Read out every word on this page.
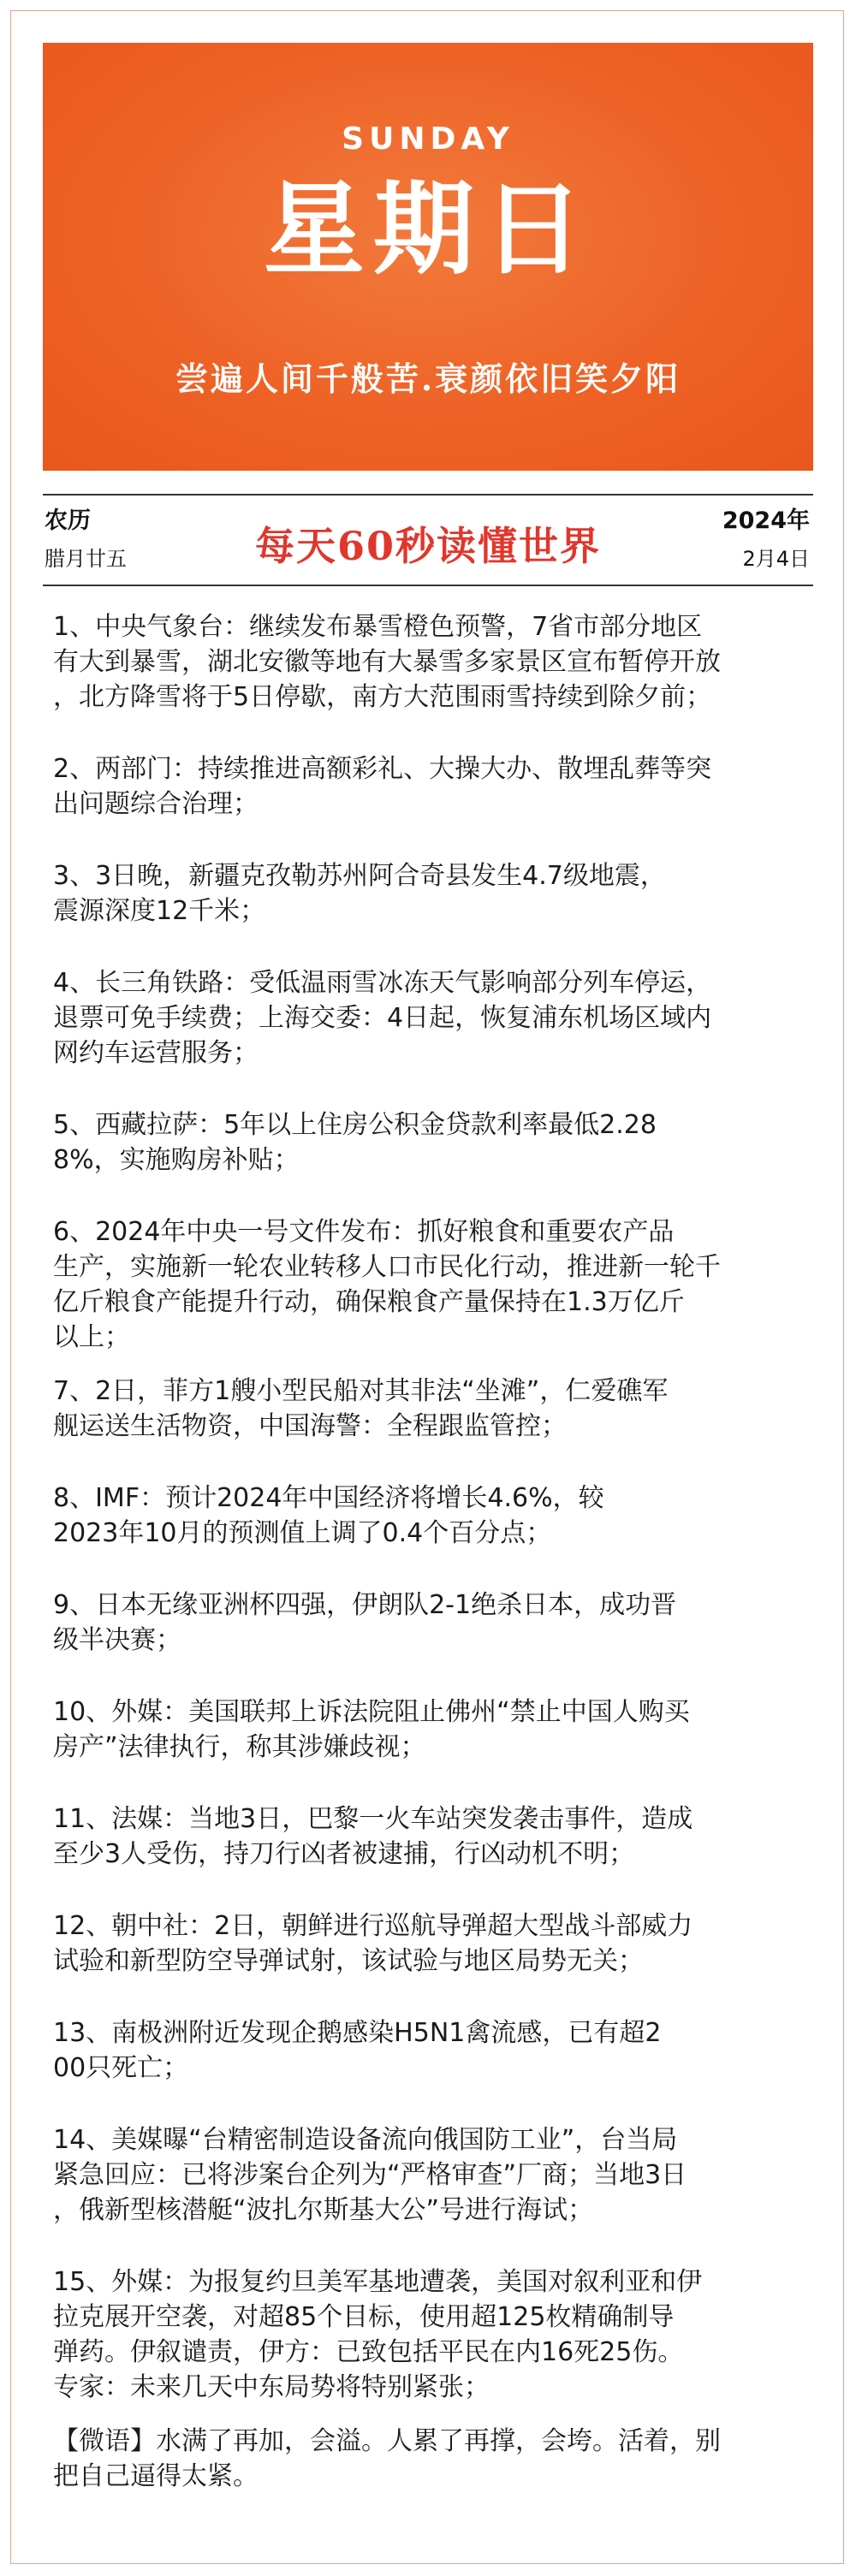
SUNDAY
星期日
尝遍人间千般苦.衰颜依旧笑夕阳
农历
腊月廿五	每天60秒读懂世界
2024年
2月4日
1、中央气象台：继续发布暴雪橙色预警，7省市部分地区
有大到暴雪，湖北安徽等地有大暴雪多家景区宣布暂停开放
，北方降雪将于5日停歇，南方大范围雨雪持续到除夕前；
2、两部门：持续推进高额彩礼、大操大办、散埋乱葬等突
出问题综合治理；
3、3日晚，新疆克孜勒苏州阿合奇县发生4.7级地震，
震源深度12千米；
4、长三角铁路：受低温雨雪冰冻天气影响部分列车停运，
退票可免手续费；上海交委：4日起，恢复浦东机场区域内
网约车运营服务；
5、西藏拉萨：5年以上住房公积金贷款利率最低2.28
8%，实施购房补贴；
6、2024年中央一号文件发布：抓好粮食和重要农产品
生产，实施新一轮农业转移人口市民化行动，推进新一轮千
亿斤粮食产能提升行动，确保粮食产量保持在1.3万亿斤
以上；
7、2日，菲方1艘小型民船对其非法“坐滩”，仁爱礁军
舰运送生活物资，中国海警：全程跟监管控；
8、IMF：预计2024年中国经济将增长4.6%，较
2023年10月的预测值上调了0.4个百分点；
9、日本无缘亚洲杯四强，伊朗队2-1绝杀日本，成功晋
级半决赛；
10、外媒：美国联邦上诉法院阻止佛州“禁止中国人购买
房产”法律执行，称其涉嫌歧视；
11、法媒：当地3日，巴黎一火车站突发袭击事件，造成
至少3人受伤，持刀行凶者被逮捕，行凶动机不明；
12、朝中社：2日，朝鲜进行巡航导弹超大型战斗部威力
试验和新型防空导弹试射，该试验与地区局势无关；
13、南极洲附近发现企鹅感染H5N1禽流感，已有超2
00只死亡；
14、美媒曝“台精密制造设备流向俄国防工业”，台当局
紧急回应：已将涉案台企列为“严格审查”厂商；当地3日
，俄新型核潜艇“波扎尔斯基大公”号进行海试；
15、外媒：为报复约旦美军基地遭袭，美国对叙利亚和伊
拉克展开空袭，对超85个目标，使用超125枚精确制导
弹药。伊叙谴责，伊方：已致包括平民在内16死25伤。
专家：未来几天中东局势将特别紧张；
【微语】水满了再加，会溢。人累了再撑，会垮。活着，别
把自己逼得太紧。
